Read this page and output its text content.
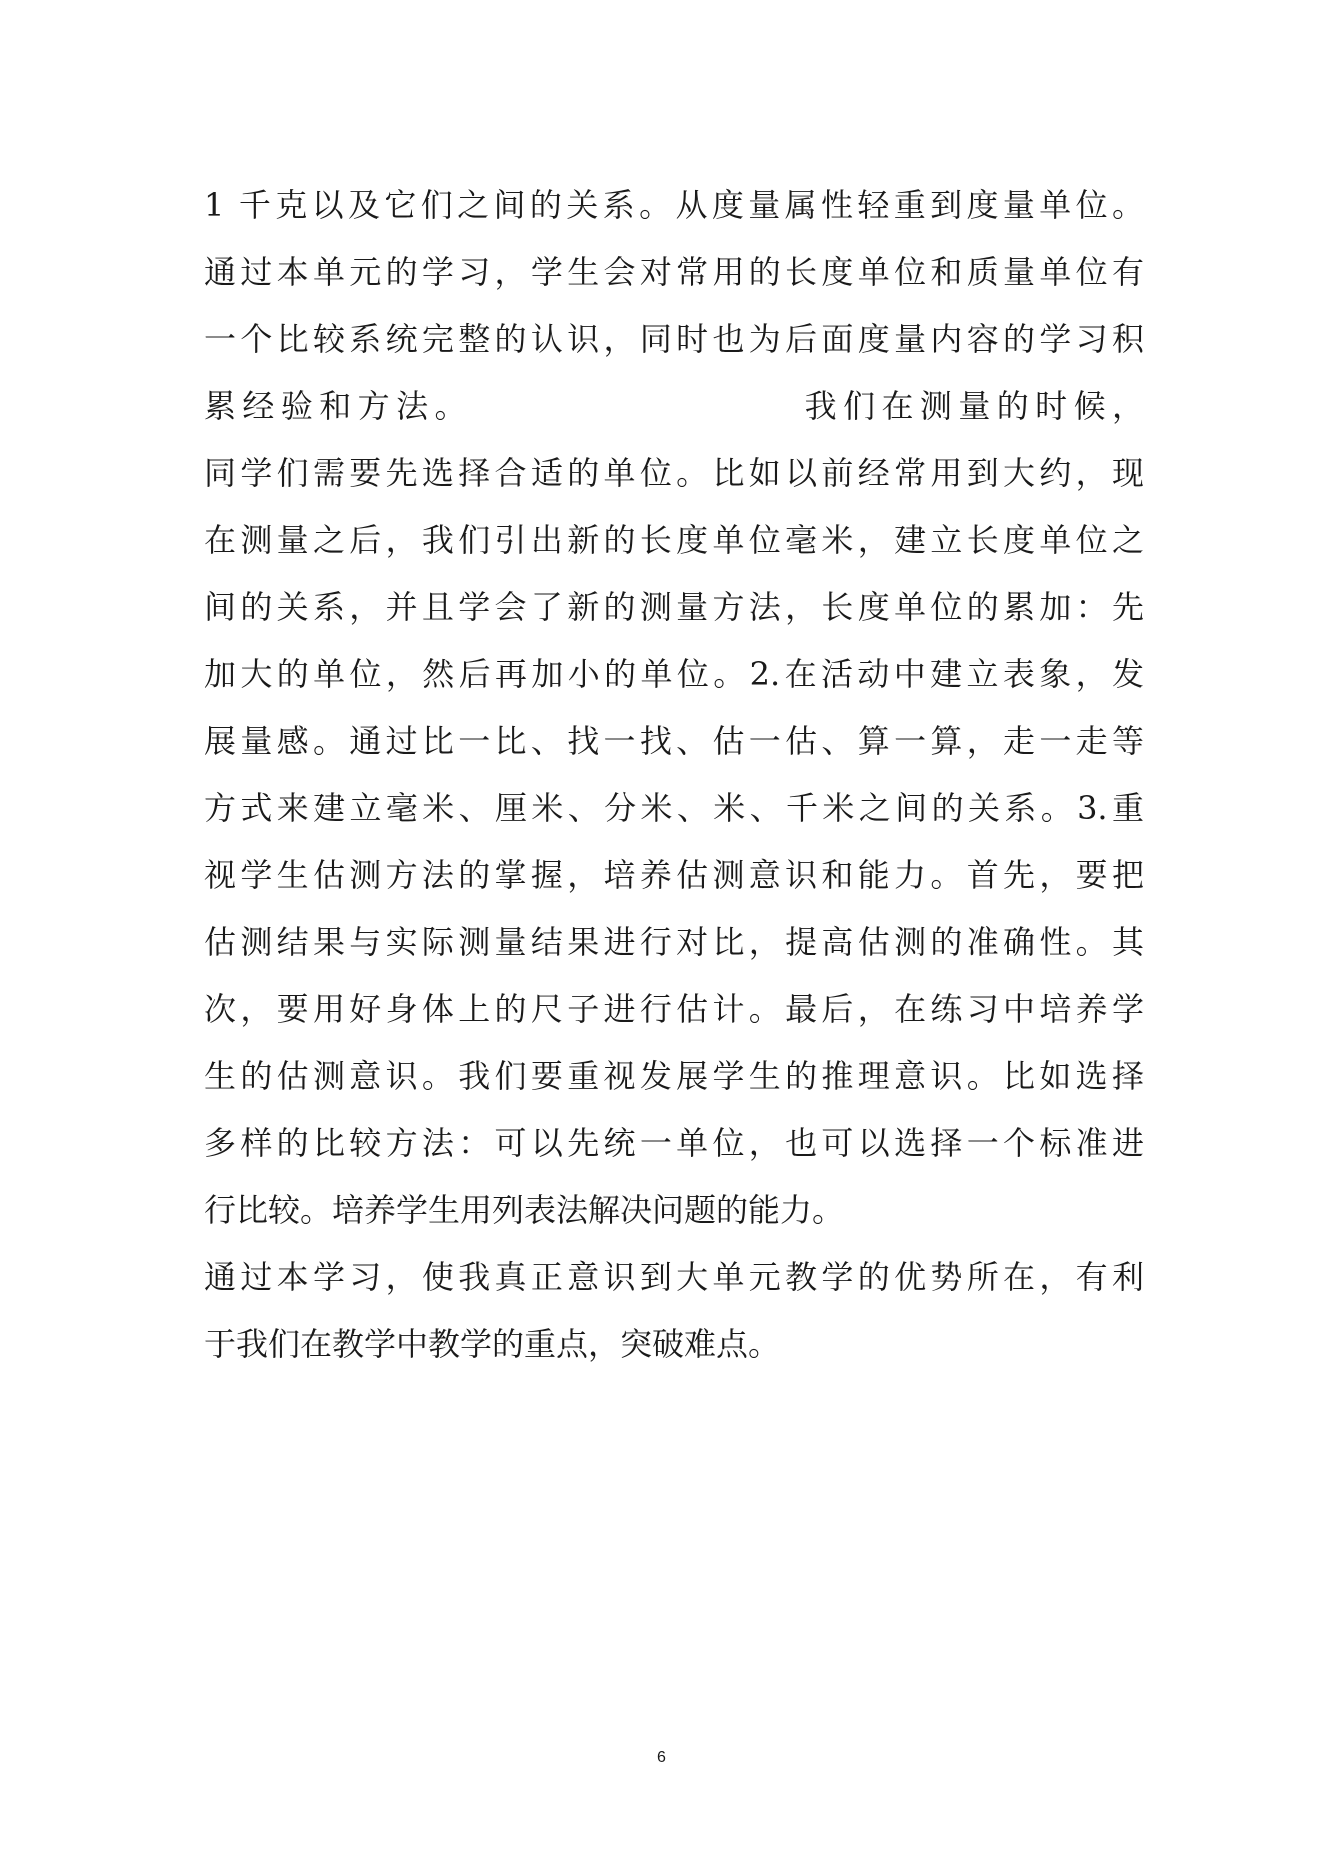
1 千克以及它们之间的关系。从度量属性轻重到度量单位。
通过本单元的学习，学生会对常用的长度单位和质量单位有
一个比较系统完整的认识，同时也为后面度量内容的学习积
累经验和方法。                    我们在测量的时候，
同学们需要先选择合适的单位。比如以前经常用到大约，现
在测量之后，我们引出新的长度单位毫米，建立长度单位之
间的关系，并且学会了新的测量方法，长度单位的累加：先
加大的单位，然后再加小的单位。2.在活动中建立表象，发
展量感。通过比一比、找一找、估一估、算一算，走一走等
方式来建立毫米、厘米、分米、米、千米之间的关系。3.重
视学生估测方法的掌握，培养估测意识和能力。首先，要把
估测结果与实际测量结果进行对比，提高估测的准确性。其
次，要用好身体上的尺子进行估计。最后，在练习中培养学
生的估测意识。我们要重视发展学生的推理意识。比如选择
多样的比较方法：可以先统一单位，也可以选择一个标准进
行比较。培养学生用列表法解决问题的能力。
通过本学习，使我真正意识到大单元教学的优势所在，有利
于我们在教学中教学的重点，突破难点。
6
